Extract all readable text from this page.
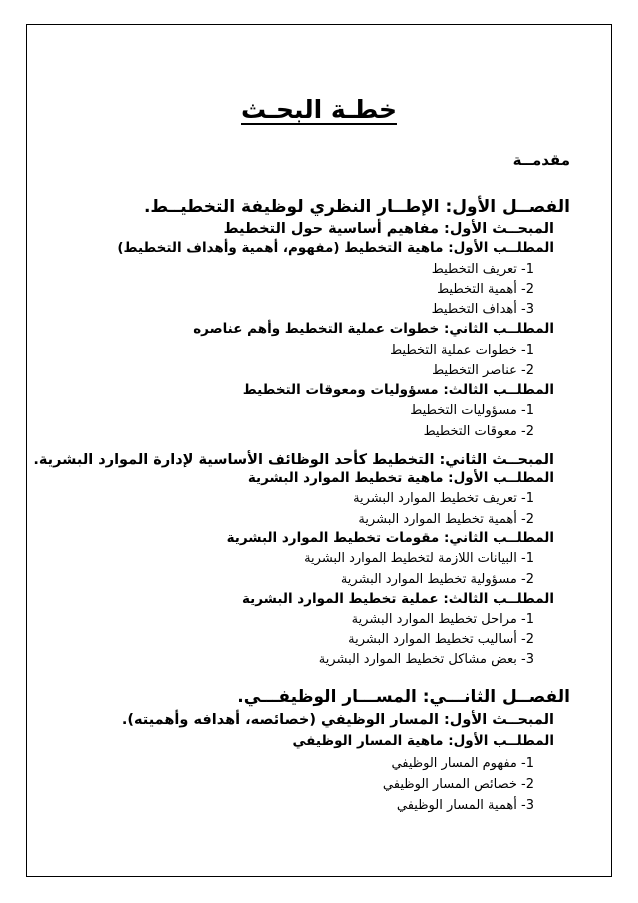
خطـة البحـث
مقدمــة
الفصــل الأول: الإطــار النظري لوظيفة التخطيــط.
المبحــث الأول: مفاهيم أساسية حول التخطيط
المطلــب الأول: ماهية التخطيط (مفهوم، أهمية وأهداف التخطيط)
1- تعريف التخطيط
2- أهمية التخطيط
3- أهداف التخطيط
المطلــب الثاني: خطوات عملية التخطيط وأهم عناصره
1- خطوات عملية التخطيط
2- عناصر التخطيط
المطلــب الثالث: مسؤوليات ومعوقات التخطيط
1- مسؤوليات التخطيط
2- معوقات التخطيط
المبحــث الثاني: التخطيط كأحد الوظائف الأساسية لإدارة الموارد البشرية.
المطلــب الأول: ماهية تخطيط الموارد البشرية
1- تعريف تخطيط الموارد البشرية
2- أهمية تخطيط الموارد البشرية
المطلــب الثاني: مقومات تخطيط الموارد البشرية
1- البيانات اللازمة لتخطيط الموارد البشرية
2- مسؤولية تخطيط الموارد البشرية
المطلــب الثالث: عملية تخطيط الموارد البشرية
1- مراحل تخطيط الموارد البشرية
2- أساليب تخطيط الموارد البشرية
3- بعض مشاكل تخطيط الموارد البشرية
الفصــل الثانـــي: المســـار الوظيفـــي.
المبحــث الأول: المسار الوظيفي (خصائصه، أهدافه وأهميته).
المطلــب الأول: ماهية المسار الوظيفي
1- مفهوم المسار الوظيفي
2- خصائص المسار الوظيفي
3- أهمية المسار الوظيفي
